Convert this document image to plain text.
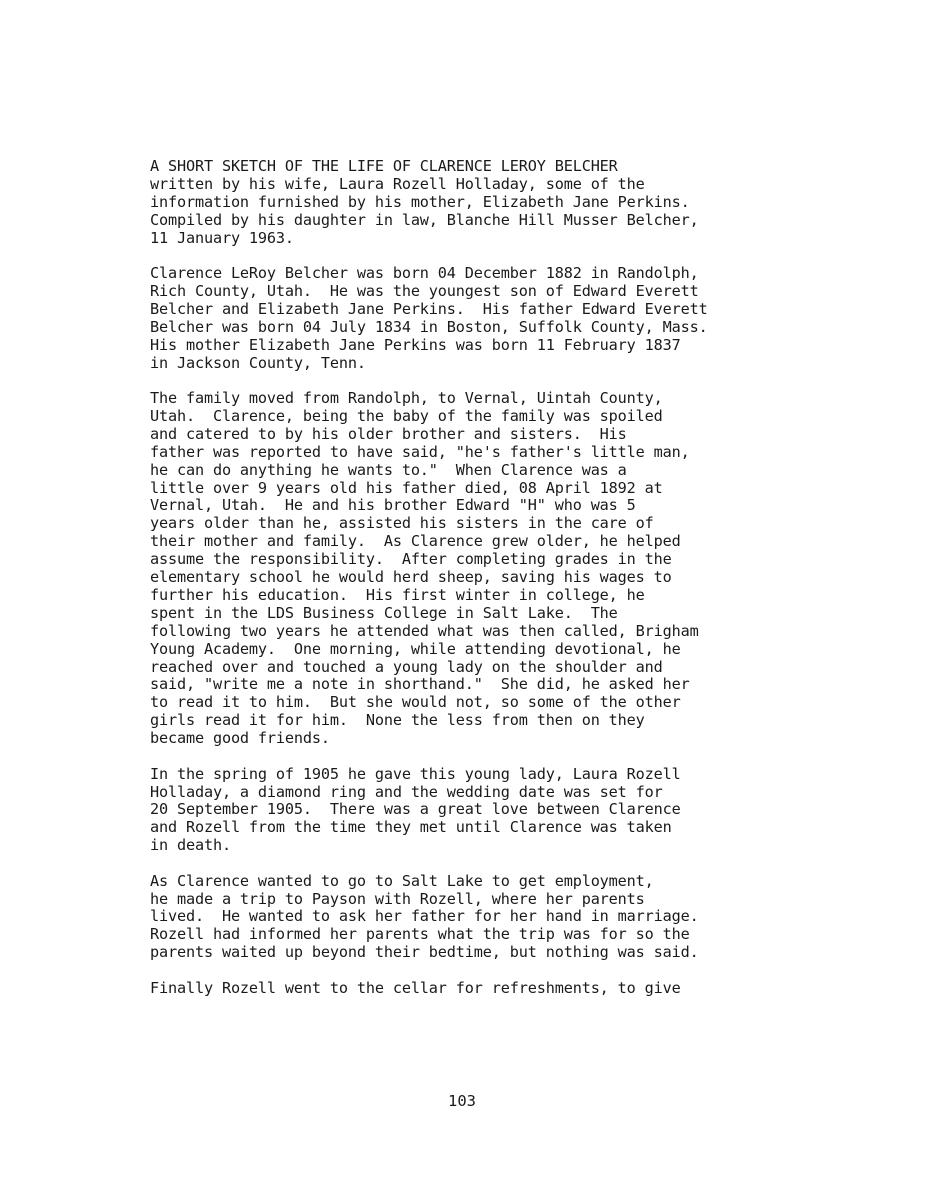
A SHORT SKETCH OF THE LIFE OF CLARENCE LEROY BELCHER
written by his wife, Laura Rozell Holladay, some of the
information furnished by his mother, Elizabeth Jane Perkins.
Compiled by his daughter in law, Blanche Hill Musser Belcher,
11 January 1963.
Clarence LeRoy Belcher was born 04 December 1882 in Randolph,
Rich County, Utah.  He was the youngest son of Edward Everett
Belcher and Elizabeth Jane Perkins.  His father Edward Everett
Belcher was born 04 July 1834 in Boston, Suffolk County, Mass.
His mother Elizabeth Jane Perkins was born 11 February 1837
in Jackson County, Tenn.
The family moved from Randolph, to Vernal, Uintah County,
Utah.  Clarence, being the baby of the family was spoiled
and catered to by his older brother and sisters.  His
father was reported to have said, "he's father's little man,
he can do anything he wants to."  When Clarence was a
little over 9 years old his father died, 08 April 1892 at
Vernal, Utah.  He and his brother Edward "H" who was 5
years older than he, assisted his sisters in the care of
their mother and family.  As Clarence grew older, he helped
assume the responsibility.  After completing grades in the
elementary school he would herd sheep, saving his wages to
further his education.  His first winter in college, he
spent in the LDS Business College in Salt Lake.  The
following two years he attended what was then called, Brigham
Young Academy.  One morning, while attending devotional, he
reached over and touched a young lady on the shoulder and
said, "write me a note in shorthand."  She did, he asked her
to read it to him.  But she would not, so some of the other
girls read it for him.  None the less from then on they
became good friends.
In the spring of 1905 he gave this young lady, Laura Rozell
Holladay, a diamond ring and the wedding date was set for
20 September 1905.  There was a great love between Clarence
and Rozell from the time they met until Clarence was taken
in death.
As Clarence wanted to go to Salt Lake to get employment,
he made a trip to Payson with Rozell, where her parents
lived.  He wanted to ask her father for her hand in marriage.
Rozell had informed her parents what the trip was for so the
parents waited up beyond their bedtime, but nothing was said.
Finally Rozell went to the cellar for refreshments, to give
103
